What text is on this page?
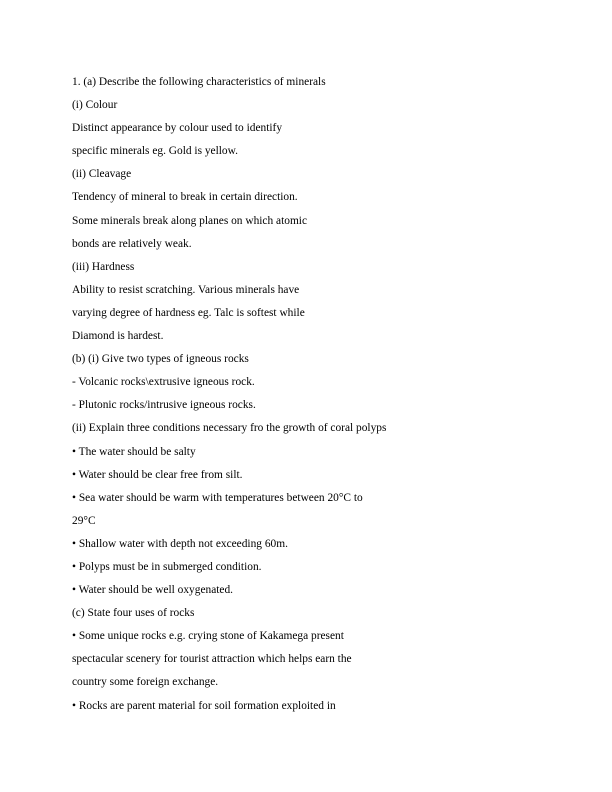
1. (a) Describe the following characteristics of minerals
(i) Colour
Distinct appearance by colour used to identify
specific minerals eg. Gold is yellow.
(ii) Cleavage
Tendency of mineral to break in certain direction.
Some minerals break along planes on which atomic
bonds are relatively weak.
(iii) Hardness
Ability to resist scratching. Various minerals have
varying degree of hardness eg. Talc is softest while
Diamond is hardest.
(b) (i) Give two types of igneous rocks
- Volcanic rocks\extrusive igneous rock.
- Plutonic rocks/intrusive igneous rocks.
(ii) Explain three conditions necessary fro the growth of coral polyps
• The water should be salty
• Water should be clear free from silt.
• Sea water should be warm with temperatures between 20°C to
29°C
• Shallow water with depth not exceeding 60m.
• Polyps must be in submerged condition.
• Water should be well oxygenated.
(c) State four uses of rocks
• Some unique rocks e.g. crying stone of Kakamega present
spectacular scenery for tourist attraction which helps earn the
country some foreign exchange.
• Rocks are parent material for soil formation exploited in
